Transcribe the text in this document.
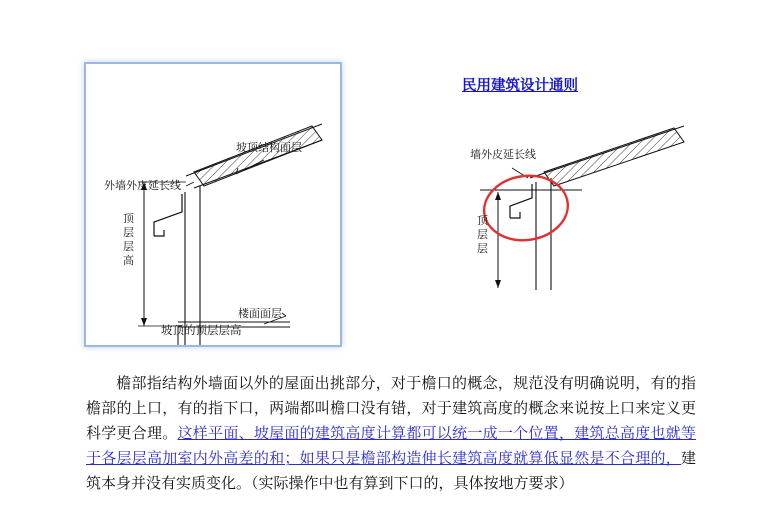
坡顶结构面层
外墙外皮延长线
楼面面层
顶层层高
坡顶的顶层层高
民用建筑设计通则
墙外皮延长线
顶层层
檐部指结构外墙面以外的屋面出挑部分，对于檐口的概念，规范没有明确说明，有的指檐部的上口，有的指下口，两端都叫檐口没有错，对于建筑高度的概念来说按上口来定义更科学更合理。这样平面、坡屋面的建筑高度计算都可以统一成一个位置，建筑总高度也就等于各层层高加室内外高差的和；如果只是檐部构造伸长建筑高度就算低显然是不合理的，建筑本身并没有实质变化。（实际操作中也有算到下口的，具体按地方要求）
